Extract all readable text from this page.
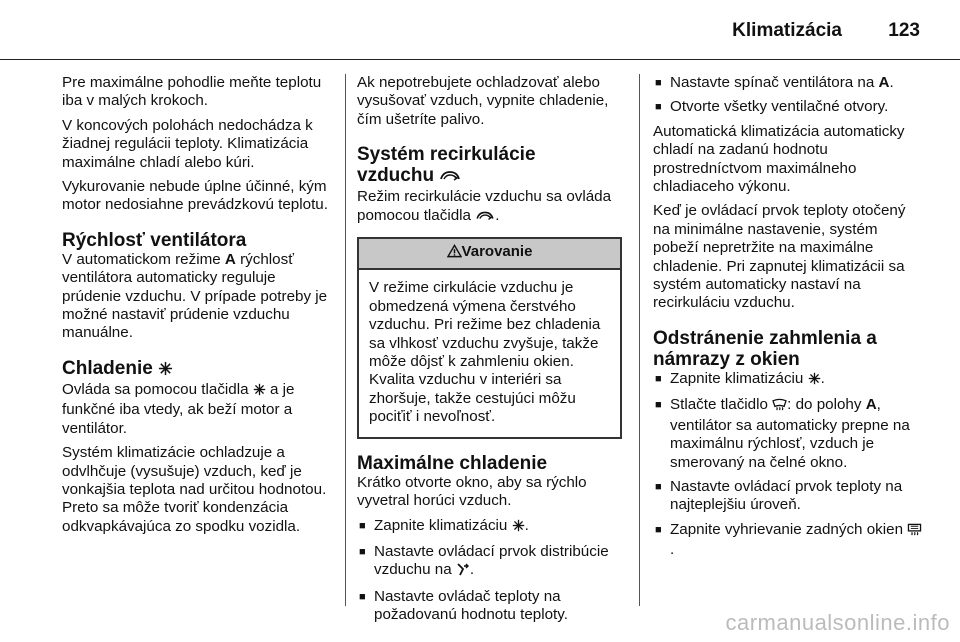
Klimatizácia 123

Pre maximálne pohodlie meňte teplotu iba v malých krokoch.

V koncových polohách nedochádza k žiadnej regulácii teploty. Klimatizácia maximálne chladí alebo kúri.

Vykurovanie nebude úplne účinné, kým motor nedosiahne prevádzkovú teplotu.

Rýchlosť ventilátora

V automatickom režime A rýchlosť ventilátora automaticky reguluje prúdenie vzduchu. V prípade potreby je možné nastaviť prúdenie vzduchu manuálne.

Chladenie

Ovláda sa pomocou tlačidla  a je funkčné iba vtedy, ak beží motor a ventilátor.

Systém klimatizácie ochladzuje a odvlhčuje (vysušuje) vzduch, keď je vonkajšia teplota nad určitou hodnotou. Preto sa môže tvoriť kondenzácia odkvapkávajúca zo spodku vozidla.

Ak nepotrebujete ochladzovať alebo vysušovať vzduch, vypnite chladenie, čím ušetríte palivo.

Systém recirkulácie
vzduchu

Režim recirkulácie vzduchu sa ovláda pomocou tlačidla .

Varovanie
V režime cirkulácie vzduchu je obmedzená výmena čerstvého vzduchu. Pri režime bez chladenia sa vlhkosť vzduchu zvyšuje, takže môže dôjsť k zahmleniu okien. Kvalita vzduchu v interiéri sa zhoršuje, takže cestujúci môžu pociťiť i nevoľnosť.
Maximálne chladenie

Krátko otvorte okno, aby sa rýchlo vyvetral horúci vzduch.

■ Zapnite klimatizáciu .
■ Nastavte ovládací prvok distribúcie vzduchu na .
■ Nastavte ovládač teploty na požadovanú hodnotu teploty.
■ Nastavte spínač ventilátora na A.
■ Otvorte všetky ventilačné otvory.

Automatická klimatizácia automaticky chladí na zadanú hodnotu prostredníctvom maximálneho chladiaceho výkonu.

Keď je ovládací prvok teploty otočený na minimálne nastavenie, systém pobeží nepretržite na maximálne chladenie. Pri zapnutej klimatizácii sa systém automaticky nastaví na recirkuláciu vzduchu.

Odstránenie zahmlenia a
námrazy z okien
■ Zapnite klimatizáciu .
■ Stlačte tlačidlo : do polohy A, ventilátor sa automaticky prepne na maximálnu rýchlosť, vzduch je smerovaný na čelné okno.
■ Nastavte ovládací prvok teploty na najteplejšiu úroveň.
■ Zapnite vyhrievanie zadných okien .
carmanualsonline.info
